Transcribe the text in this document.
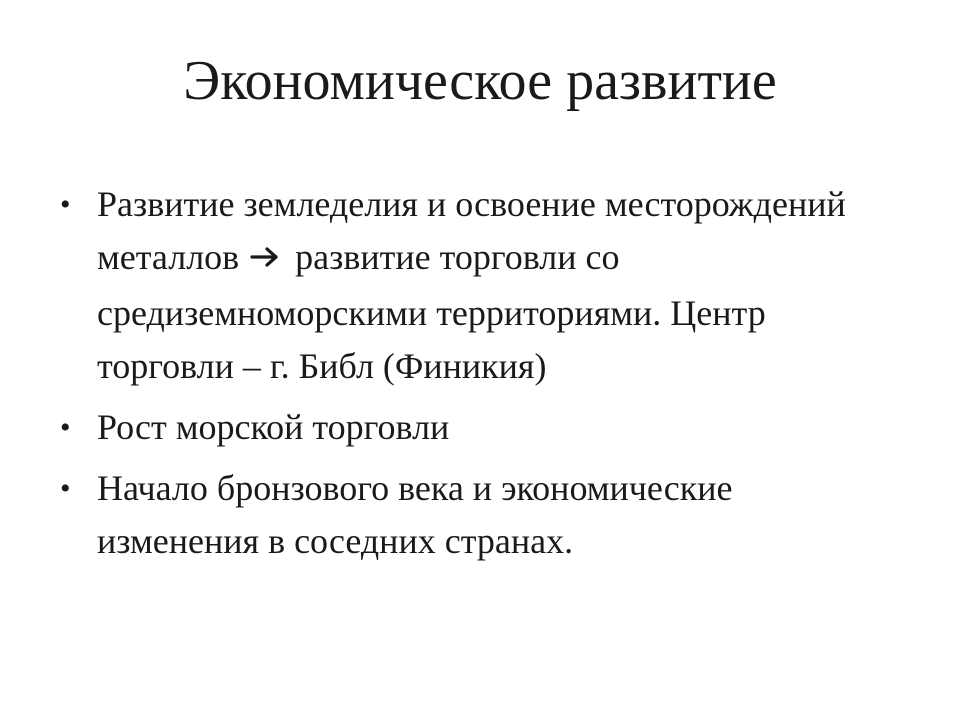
Экономическое развитие
• Развитие земледелия и освоение месторождений металлов развитие торговли со средиземноморскими территориями. Центр торговли – г. Библ (Финикия)
• Рост морской торговли
• Начало бронзового века и экономические изменения в соседних странах.
